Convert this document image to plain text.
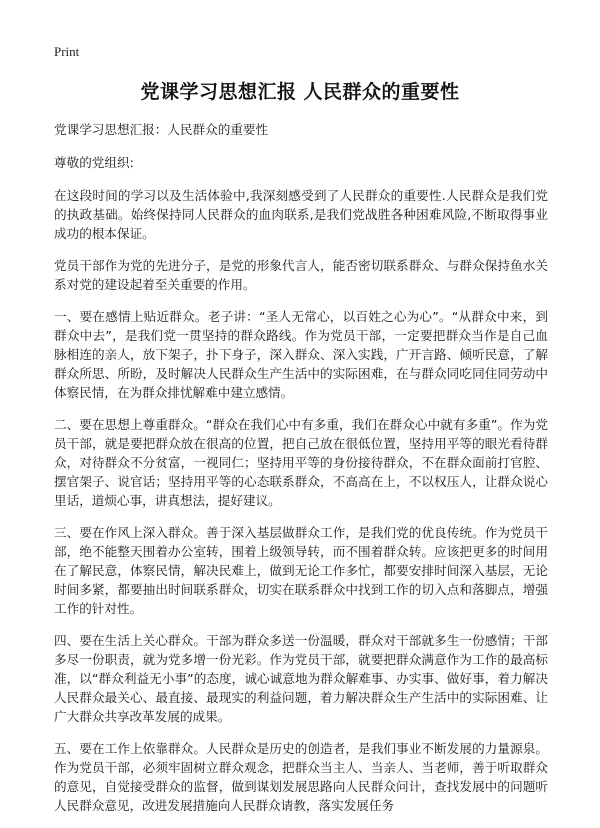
Print
党课学习思想汇报 人民群众的重要性

党课学习思想汇报：人民群众的重要性

尊敬的党组织:

在这段时间的学习以及生活体验中,我深刻感受到了人民群众的重要性.人民群众是我们党的执政基础。始终保持同人民群众的血肉联系,是我们党战胜各种困难风险,不断取得事业成功的根本保证。

党员干部作为党的先进分子，是党的形象代言人，能否密切联系群众、与群众保持鱼水关系对党的建设起着至关重要的作用。

一、要在感情上贴近群众。老子讲：“圣人无常心，以百姓之心为心”。“从群众中来，到群众中去”，是我们党一贯坚持的群众路线。作为党员干部，一定要把群众当作是自己血脉相连的亲人，放下架子，扑下身子，深入群众、深入实践，广开言路、倾听民意，了解群众所思、所盼，及时解决人民群众生产生活中的实际困难，在与群众同吃同住同劳动中体察民情，在为群众排忧解难中建立感情。

二、要在思想上尊重群众。“群众在我们心中有多重，我们在群众心中就有多重”。作为党员干部，就是要把群众放在很高的位置，把自己放在很低位置，坚持用平等的眼光看待群众，对待群众不分贫富，一视同仁；坚持用平等的身份接待群众，不在群众面前打官腔、摆官架子、说官话；坚持用平等的心态联系群众，不高高在上，不以权压人，让群众说心里话，道烦心事，讲真想法，提好建议。

三、要在作风上深入群众。善于深入基层做群众工作，是我们党的优良传统。作为党员干部，绝不能整天围着办公室转，围着上级领导转，而不围着群众转。应该把更多的时间用在了解民意，体察民情，解决民难上，做到无论工作多忙，都要安排时间深入基层，无论时间多紧，都要抽出时间联系群众，切实在联系群众中找到工作的切入点和落脚点，增强工作的针对性。

四、要在生活上关心群众。干部为群众多送一份温暖，群众对干部就多生一份感情；干部多尽一份职责，就为党多增一份光彩。作为党员干部，就要把群众满意作为工作的最高标准，以“群众利益无小事”的态度，诚心诚意地为群众解难事、办实事、做好事，着力解决人民群众最关心、最直接、最现实的利益问题，着力解决群众生产生活中的实际困难、让广大群众共享改革发展的成果。

五、要在工作上依靠群众。人民群众是历史的创造者，是我们事业不断发展的力量源泉。作为党员干部，必须牢固树立群众观念，把群众当主人、当亲人、当老师，善于听取群众的意见，自觉接受群众的监督，做到谋划发展思路向人民群众问计，查找发展中的问题听人民群众意见，改进发展措施向人民群众请教，落实发展任务
